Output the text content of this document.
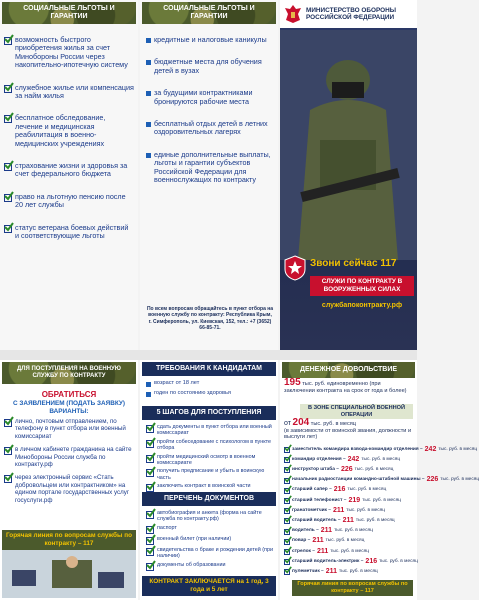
СОЦИАЛЬНЫЕ ЛЬГОТЫ И ГАРАНТИИ
возможность быстрого приобретения жилья за счет Минобороны России через накопительно-ипотечную систему
служебное жилье или компенсация за найм жилья
бесплатное обследование, лечение и медицинская реабилитация в военно-медицинских учреждениях
страхование жизни и здоровья за счет федерального бюджета
право на льготную пенсию после 20 лет службы
статус ветерана боевых действий и соответствующие льготы
СОЦИАЛЬНЫЕ ЛЬГОТЫ И ГАРАНТИИ
кредитные и налоговые каникулы
бюджетные места для обучения детей в вузах
за будущими контрактниками бронируются рабочие места
бесплатный отдых детей в летних оздоровительных лагерях
единые дополнительные выплаты, льготы и гарантии субъектов Российской Федерации для военнослужащих по контракту
По всем вопросам обращайтесь в пункт отбора на военную службу по контракту: Республика Крым, г. Симферополь, ул. Киевская, 152, тел.: +7 (3652) 66-85-71.
МИНИСТЕРСТВО ОБОРОНЫ РОССИЙСКОЙ ФЕДЕРАЦИИ
Звони сейчас 117
СЛУЖИ ПО КОНТРАКТУ В ВООРУЖЕННЫХ СИЛАХ
службапоконтракту.рф
ДЛЯ ПОСТУПЛЕНИЯ НА ВОЕННУЮ СЛУЖБУ ПО КОНТРАКТУ
ОБРАТИТЬСЯ
С ЗАЯВЛЕНИЕМ (ПОДАТЬ ЗАЯВКУ) ВАРИАНТЫ:
лично, почтовым отправлением, по телефону в пункт отбора или военный комиссариат
в личном кабинете гражданина на сайте Минобороны России служба по контракту.рф
через электронный сервис «Стать добровольцем или контрактником» на едином портале государственных услуг госуслуги.рф
Горячая линия по вопросам службы по контракту – 117
ТРЕБОВАНИЯ К КАНДИДАТАМ
возраст от 18 лет
годен по состоянию здоровья
5 ШАГОВ ДЛЯ ПОСТУПЛЕНИЯ
сдать документы в пункт отбора или военный комиссариат
пройти собеседование с психологом в пункте отбора
пройти медицинский осмотр в военном комиссариате
получить предписание и убыть в воинскую часть
заключить контракт в воинской части
ПЕРЕЧЕНЬ ДОКУМЕНТОВ
автобиография и анкета (форма на сайте служба по контракту.рф)
паспорт
военный билет (при наличии)
свидетельства о браке и рождении детей (при наличии)
документы об образовании
КОНТРАКТ ЗАКЛЮЧАЕТСЯ на 1 год, 3 года и 5 лет
ДЕНЕЖНОЕ ДОВОЛЬСТВИЕ
195 тыс. руб. единовременно (при заключении контракта на срок от года и более)
В ЗОНЕ СПЕЦИАЛЬНОЙ ВОЕННОЙ ОПЕРАЦИИ
от 204 тыс. руб. в месяц
(в зависимости от воинской звания, должности и выслуги лет)
заместитель командира взвода-командир отделения – 242 тыс. руб. в месяц
командир отделения – 242 тыс. руб. в месяц
инструктор штаба – 226 тыс. руб. в месяц
начальник радиостанции командно-штабной машины – 226 тыс. руб. в месяц
старший сапер – 216 тыс. руб. в месяц
старший телефонист – 219 тыс. руб. в месяц
гранатометчик – 211 тыс. руб. в месяц
старший водитель – 211 тыс. руб. в месяц
водитель – 211 тыс. руб. в месяц
повар – 211 тыс. руб. в месяц
стрелок – 211 тыс. руб. в месяц
старший водитель-электрик – 216 тыс. руб. в месяц
пулеметчик – 211 тыс. руб. в месяц
Горячая линия по вопросам службы по контракту – 117
